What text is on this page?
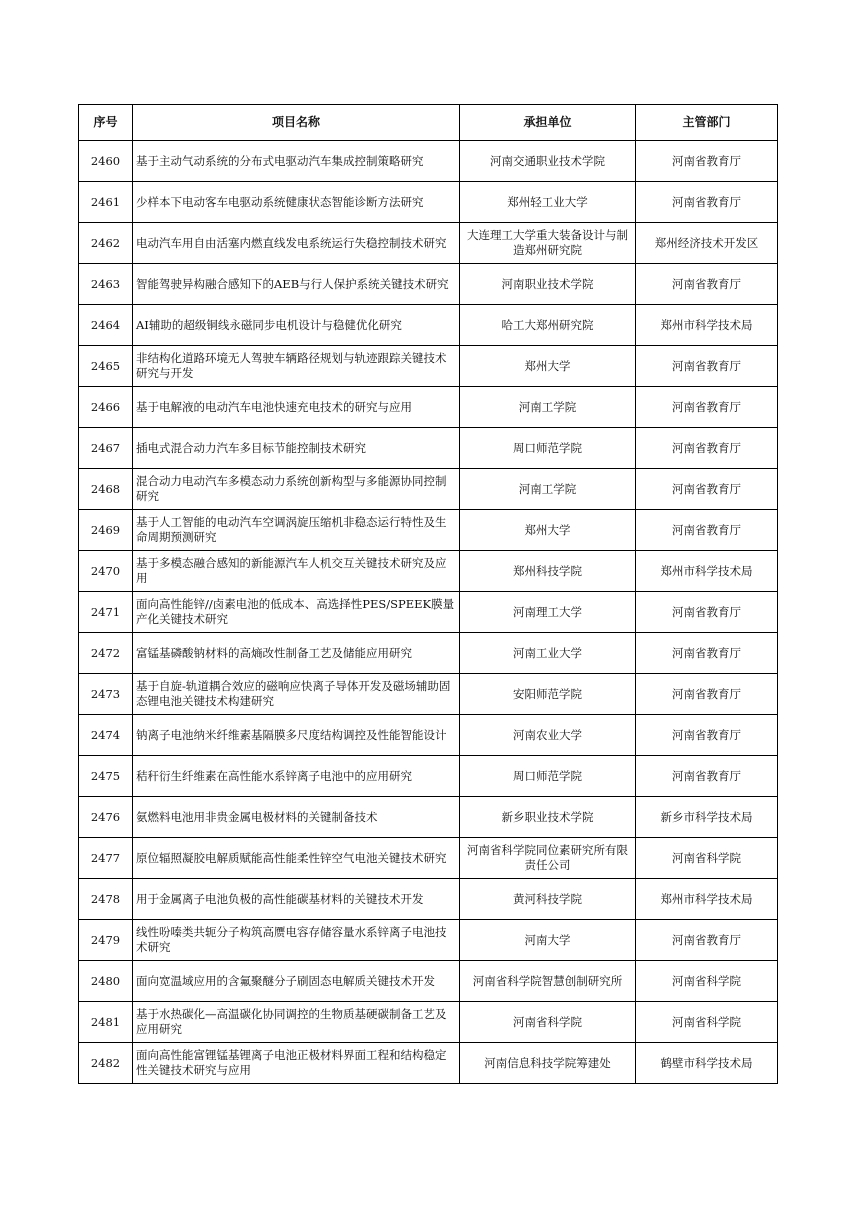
序号	项目名称	承担单位	主管部门
2460	基于主动气动系统的分布式电驱动汽车集成控制策略研究	河南交通职业技术学院	河南省教育厅
2461	少样本下电动客车电驱动系统健康状态智能诊断方法研究	郑州轻工业大学	河南省教育厅
2462	电动汽车用自由活塞内燃直线发电系统运行失稳控制技术研究	大连理工大学重大装备设计与制造郑州研究院	郑州经济技术开发区
2463	智能驾驶异构融合感知下的AEB与行人保护系统关键技术研究	河南职业技术学院	河南省教育厅
2464	AI辅助的超级铜线永磁同步电机设计与稳健优化研究	哈工大郑州研究院	郑州市科学技术局
2465	非结构化道路环境无人驾驶车辆路径规划与轨迹跟踪关键技术研究与开发	郑州大学	河南省教育厅
2466	基于电解液的电动汽车电池快速充电技术的研究与应用	河南工学院	河南省教育厅
2467	插电式混合动力汽车多目标节能控制技术研究	周口师范学院	河南省教育厅
2468	混合动力电动汽车多模态动力系统创新构型与多能源协同控制研究	河南工学院	河南省教育厅
2469	基于人工智能的电动汽车空调涡旋压缩机非稳态运行特性及生命周期预测研究	郑州大学	河南省教育厅
2470	基于多模态融合感知的新能源汽车人机交互关键技术研究及应用	郑州科技学院	郑州市科学技术局
2471	面向高性能锌//卤素电池的低成本、高选择性PES/SPEEK膜量产化关键技术研究	河南理工大学	河南省教育厅
2472	富锰基磷酸钠材料的高熵改性制备工艺及储能应用研究	河南工业大学	河南省教育厅
2473	基于自旋-轨道耦合效应的磁响应快离子导体开发及磁场辅助固态锂电池关键技术构建研究	安阳师范学院	河南省教育厅
2474	钠离子电池纳米纤维素基隔膜多尺度结构调控及性能智能设计	河南农业大学	河南省教育厅
2475	秸秆衍生纤维素在高性能水系锌离子电池中的应用研究	周口师范学院	河南省教育厅
2476	氨燃料电池用非贵金属电极材料的关键制备技术	新乡职业技术学院	新乡市科学技术局
2477	原位辐照凝胶电解质赋能高性能柔性锌空气电池关键技术研究	河南省科学院同位素研究所有限责任公司	河南省科学院
2478	用于金属离子电池负极的高性能碳基材料的关键技术开发	黄河科技学院	郑州市科学技术局
2479	线性吩嗪类共轭分子构筑高赝电容存储容量水系锌离子电池技术研究	河南大学	河南省教育厅
2480	面向宽温域应用的含氟聚醚分子刷固态电解质关键技术开发	河南省科学院智慧创制研究所	河南省科学院
2481	基于水热碳化—高温碳化协同调控的生物质基硬碳制备工艺及应用研究	河南省科学院	河南省科学院
2482	面向高性能富锂锰基锂离子电池正极材料界面工程和结构稳定性关键技术研究与应用	河南信息科技学院筹建处	鹤壁市科学技术局
